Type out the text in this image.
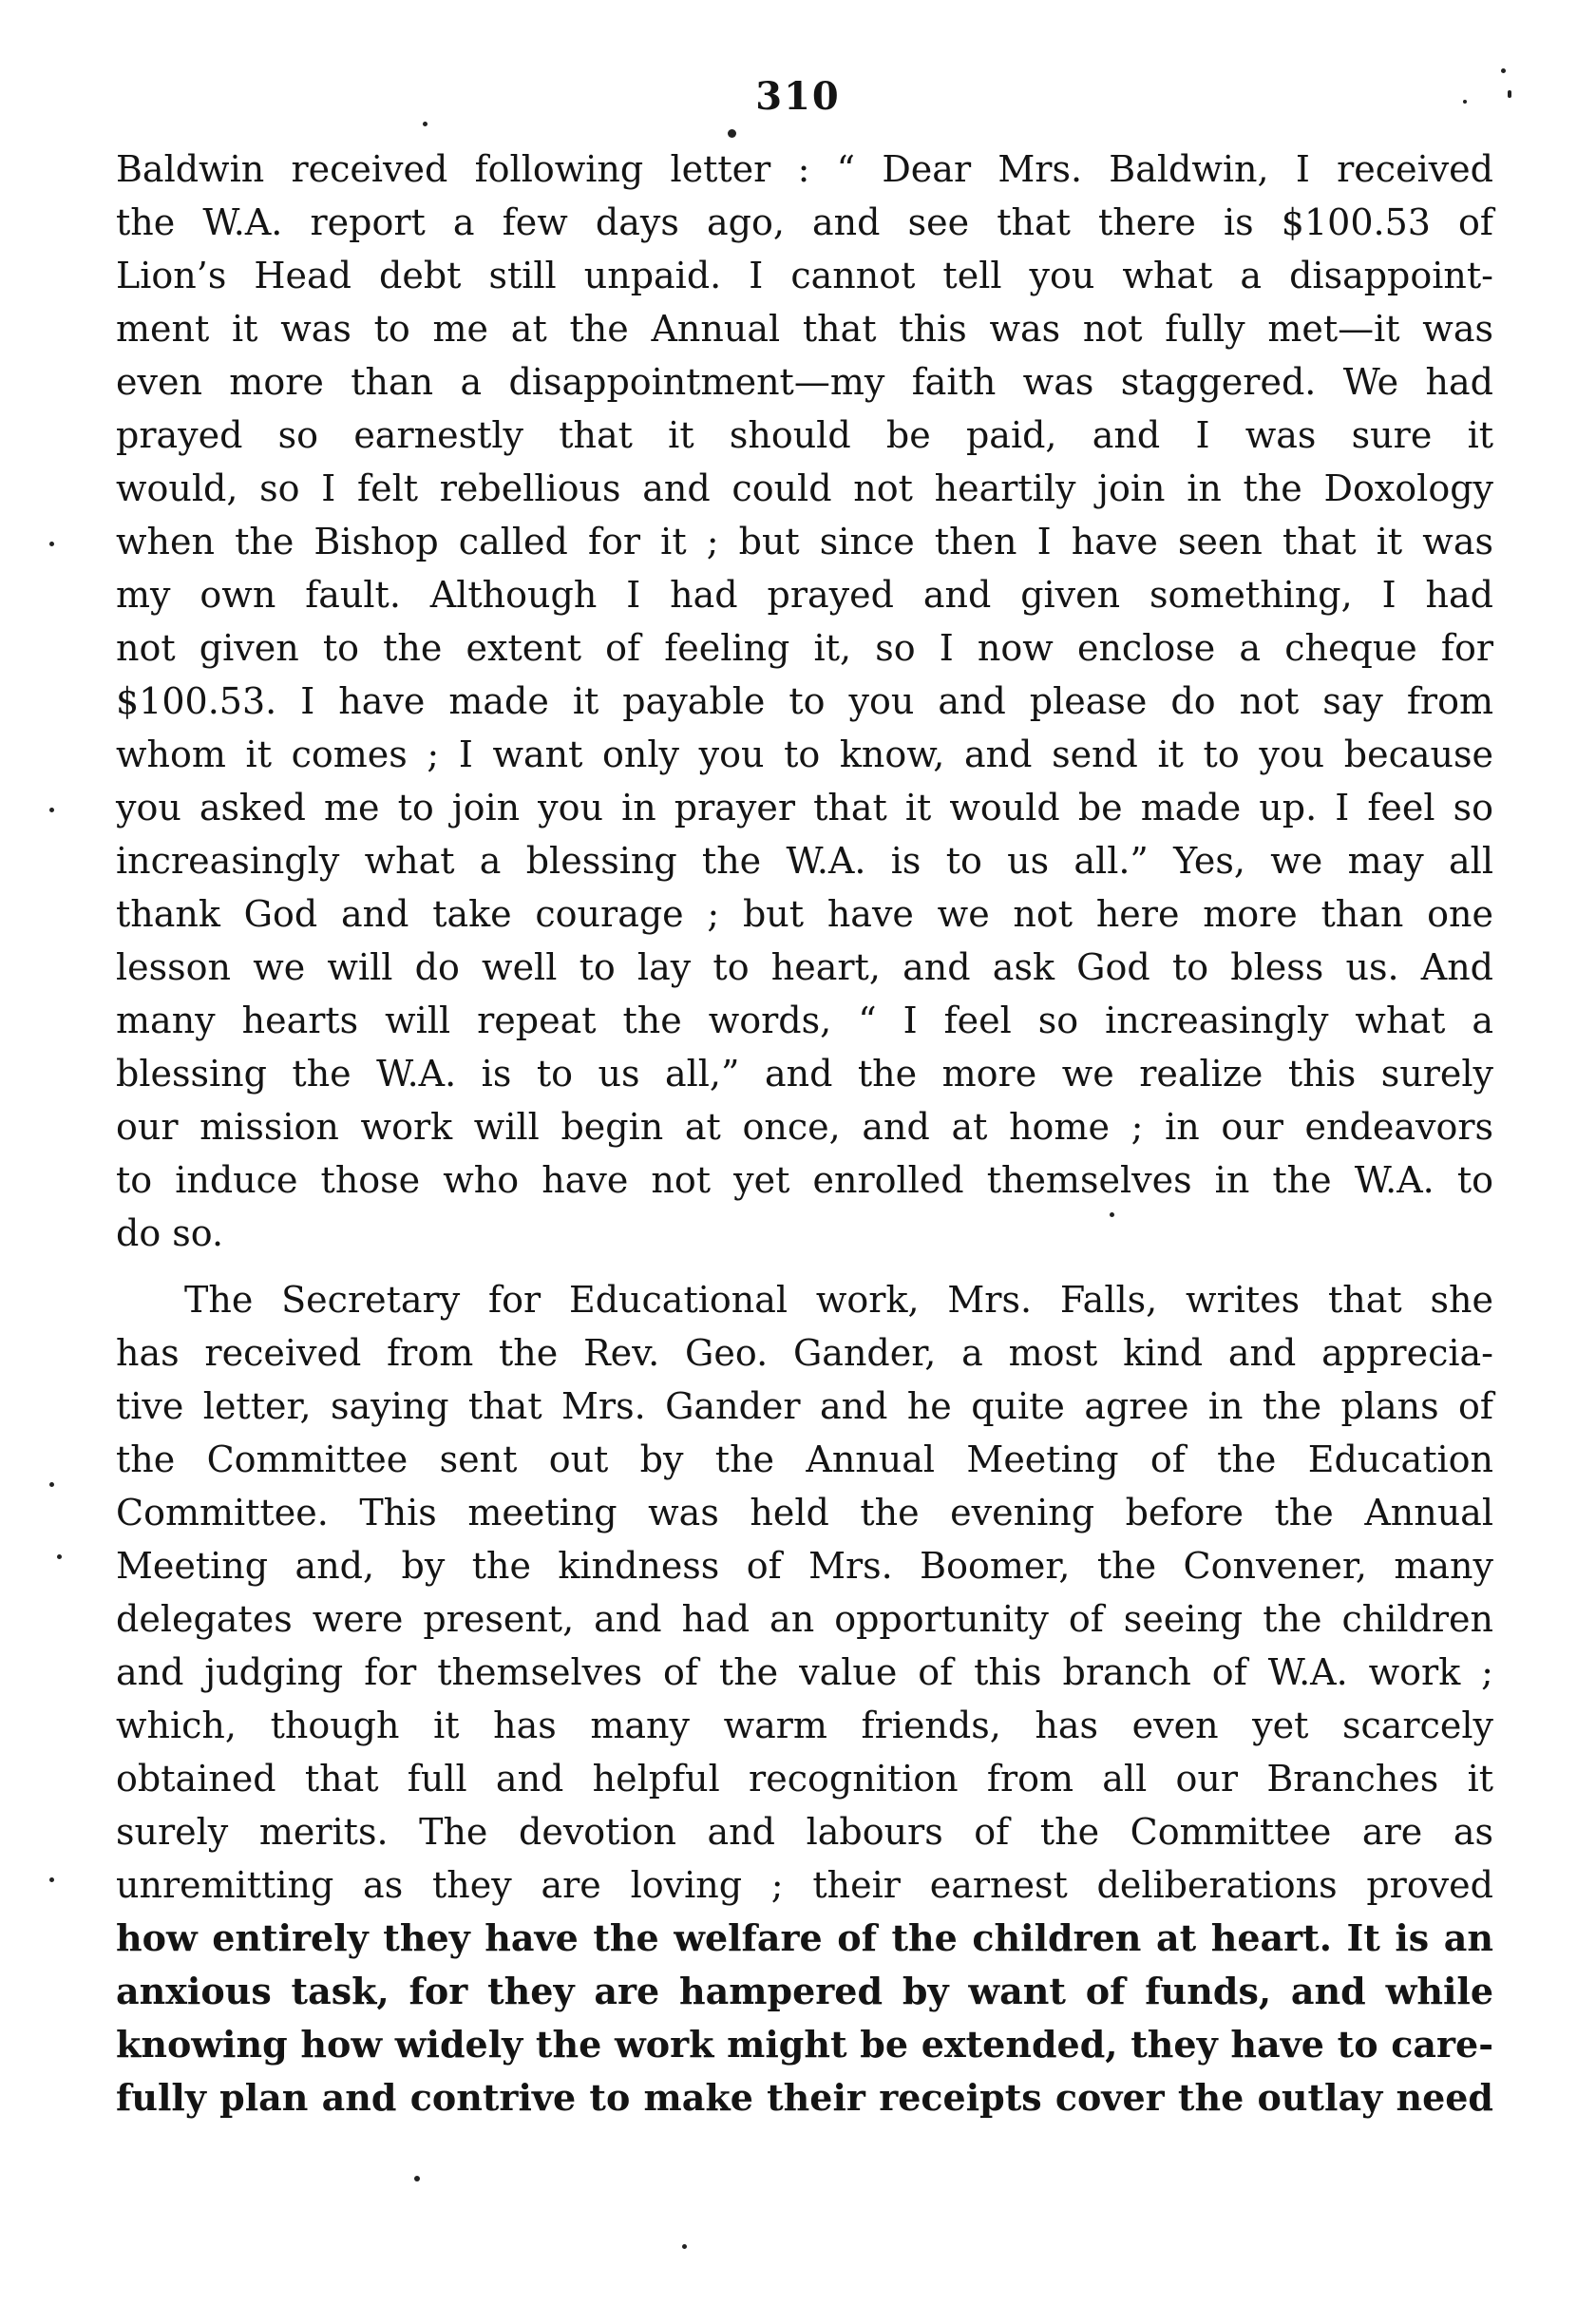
310
Baldwin received following letter : “ Dear Mrs. Baldwin, I received
the W.A. report a few days ago, and see that there is $100.53 of
Lion’s Head debt still unpaid. I cannot tell you what a disappoint-
ment it was to me at the Annual that this was not fully met—it was
even more than a disappointment—my faith was staggered. We had
prayed so earnestly that it should be paid, and I was sure it
would, so I felt rebellious and could not heartily join in the Doxology
when the Bishop called for it ; but since then I have seen that it was
my own fault. Although I had prayed and given something, I had
not given to the extent of feeling it, so I now enclose a cheque for
$100.53. I have made it payable to you and please do not say from
whom it comes ; I want only you to know, and send it to you because
you asked me to join you in prayer that it would be made up. I feel so
increasingly what a blessing the W.A. is to us all.” Yes, we may all
thank God and take courage ; but have we not here more than one
lesson we will do well to lay to heart, and ask God to bless us. And
many hearts will repeat the words, “ I feel so increasingly what a
blessing the W.A. is to us all,” and the more we realize this surely
our mission work will begin at once, and at home ; in our endeavors
to induce those who have not yet enrolled themselves in the W.A. to
do so.
The Secretary for Educational work, Mrs. Falls, writes that she
has received from the Rev. Geo. Gander, a most kind and apprecia-
tive letter, saying that Mrs. Gander and he quite agree in the plans of
the Committee sent out by the Annual Meeting of the Education
Committee. This meeting was held the evening before the Annual
Meeting and, by the kindness of Mrs. Boomer, the Convener, many
delegates were present, and had an opportunity of seeing the children
and judging for themselves of the value of this branch of W.A. work ;
which, though it has many warm friends, has even yet scarcely
obtained that full and helpful recognition from all our Branches it
surely merits. The devotion and labours of the Committee are as
unremitting as they are loving ; their earnest deliberations proved
how entirely they have the welfare of the children at heart. It is an
anxious task, for they are hampered by want of funds, and while
knowing how widely the work might be extended, they have to care-
fully plan and contrive to make their receipts cover the outlay need
